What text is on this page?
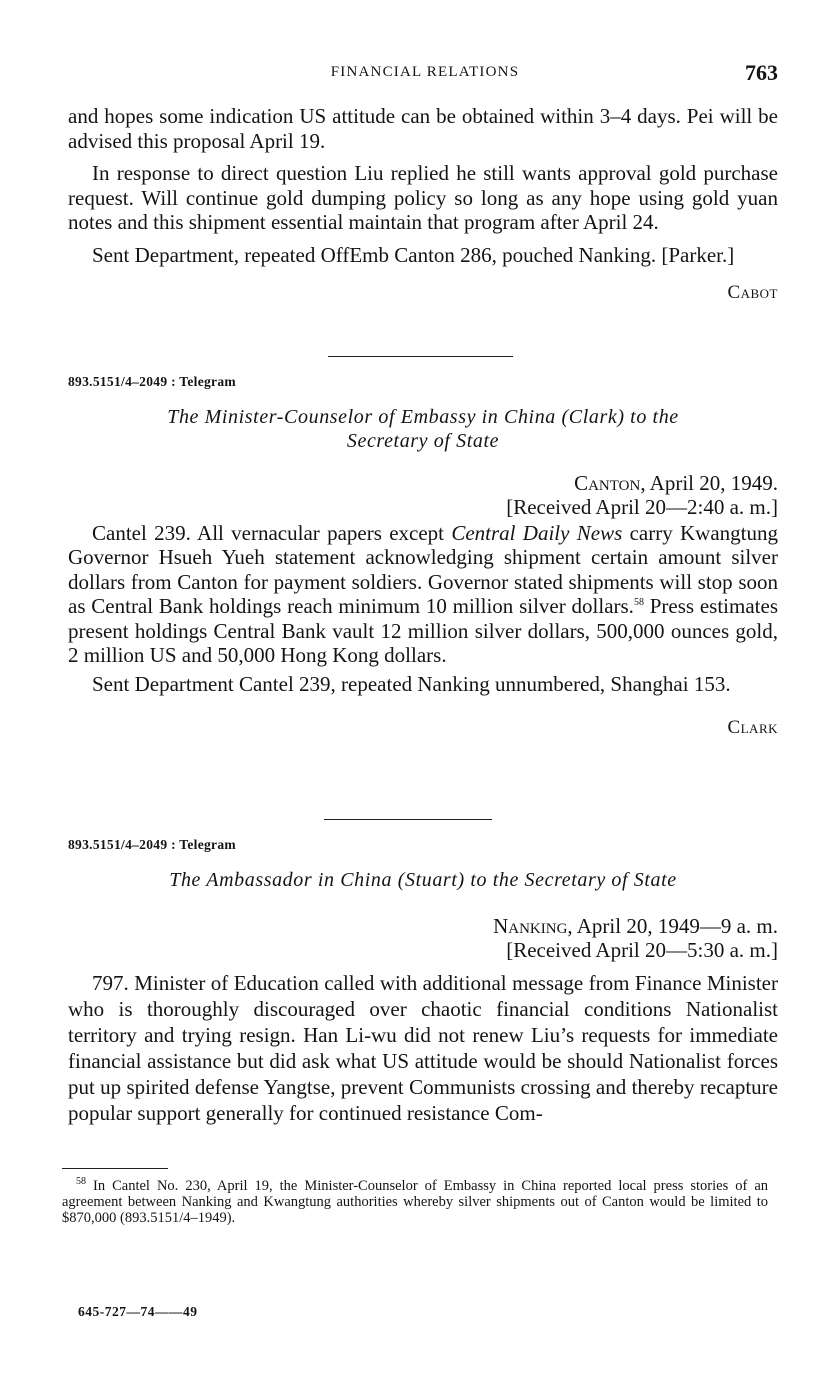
FINANCIAL RELATIONS	763

and hopes some indication US attitude can be obtained within 3–4 days. Pei will be advised this proposal April 19.

In response to direct question Liu replied he still wants approval gold purchase request. Will continue gold dumping policy so long as any hope using gold yuan notes and this shipment essential maintain that program after April 24.

Sent Department, repeated OffEmb Canton 286, pouched Nanking. [Parker.]

Cabot
893.5151/4–2049 : Telegram
The Minister-Counselor of Embassy in China (Clark) to the
Secretary of State
Canton, April 20, 1949.
[Received April 20—2:40 a. m.]

Cantel 239. All vernacular papers except Central Daily News carry Kwangtung Governor Hsueh Yueh statement acknowledging shipment certain amount silver dollars from Canton for payment soldiers. Governor stated shipments will stop soon as Central Bank holdings reach minimum 10 million silver dollars.$^{58}$ Press estimates present holdings Central Bank vault 12 million silver dollars, 500,000 ounces gold, 2 million US and 50,000 Hong Kong dollars.

Sent Department Cantel 239, repeated Nanking unnumbered, Shanghai 153.

Clark
893.5151/4–2049 : Telegram
The Ambassador in China (Stuart) to the Secretary of State
Nanking, April 20, 1949—9 a. m.
[Received April 20—5:30 a. m.]

797. Minister of Education called with additional message from Finance Minister who is thoroughly discouraged over chaotic financial conditions Nationalist territory and trying resign. Han Li-wu did not renew Liu’s requests for immediate financial assistance but did ask what US attitude would be should Nationalist forces put up spirited defense Yangtse, prevent Communists crossing and thereby recapture popular support generally for continued resistance Com-

$^{58}$ In Cantel No. 230, April 19, the Minister-Counselor of Embassy in China reported local press stories of an agreement between Nanking and Kwangtung authorities whereby silver shipments out of Canton would be limited to $870,000 (893.5151/4–1949).

645-727—74——49
